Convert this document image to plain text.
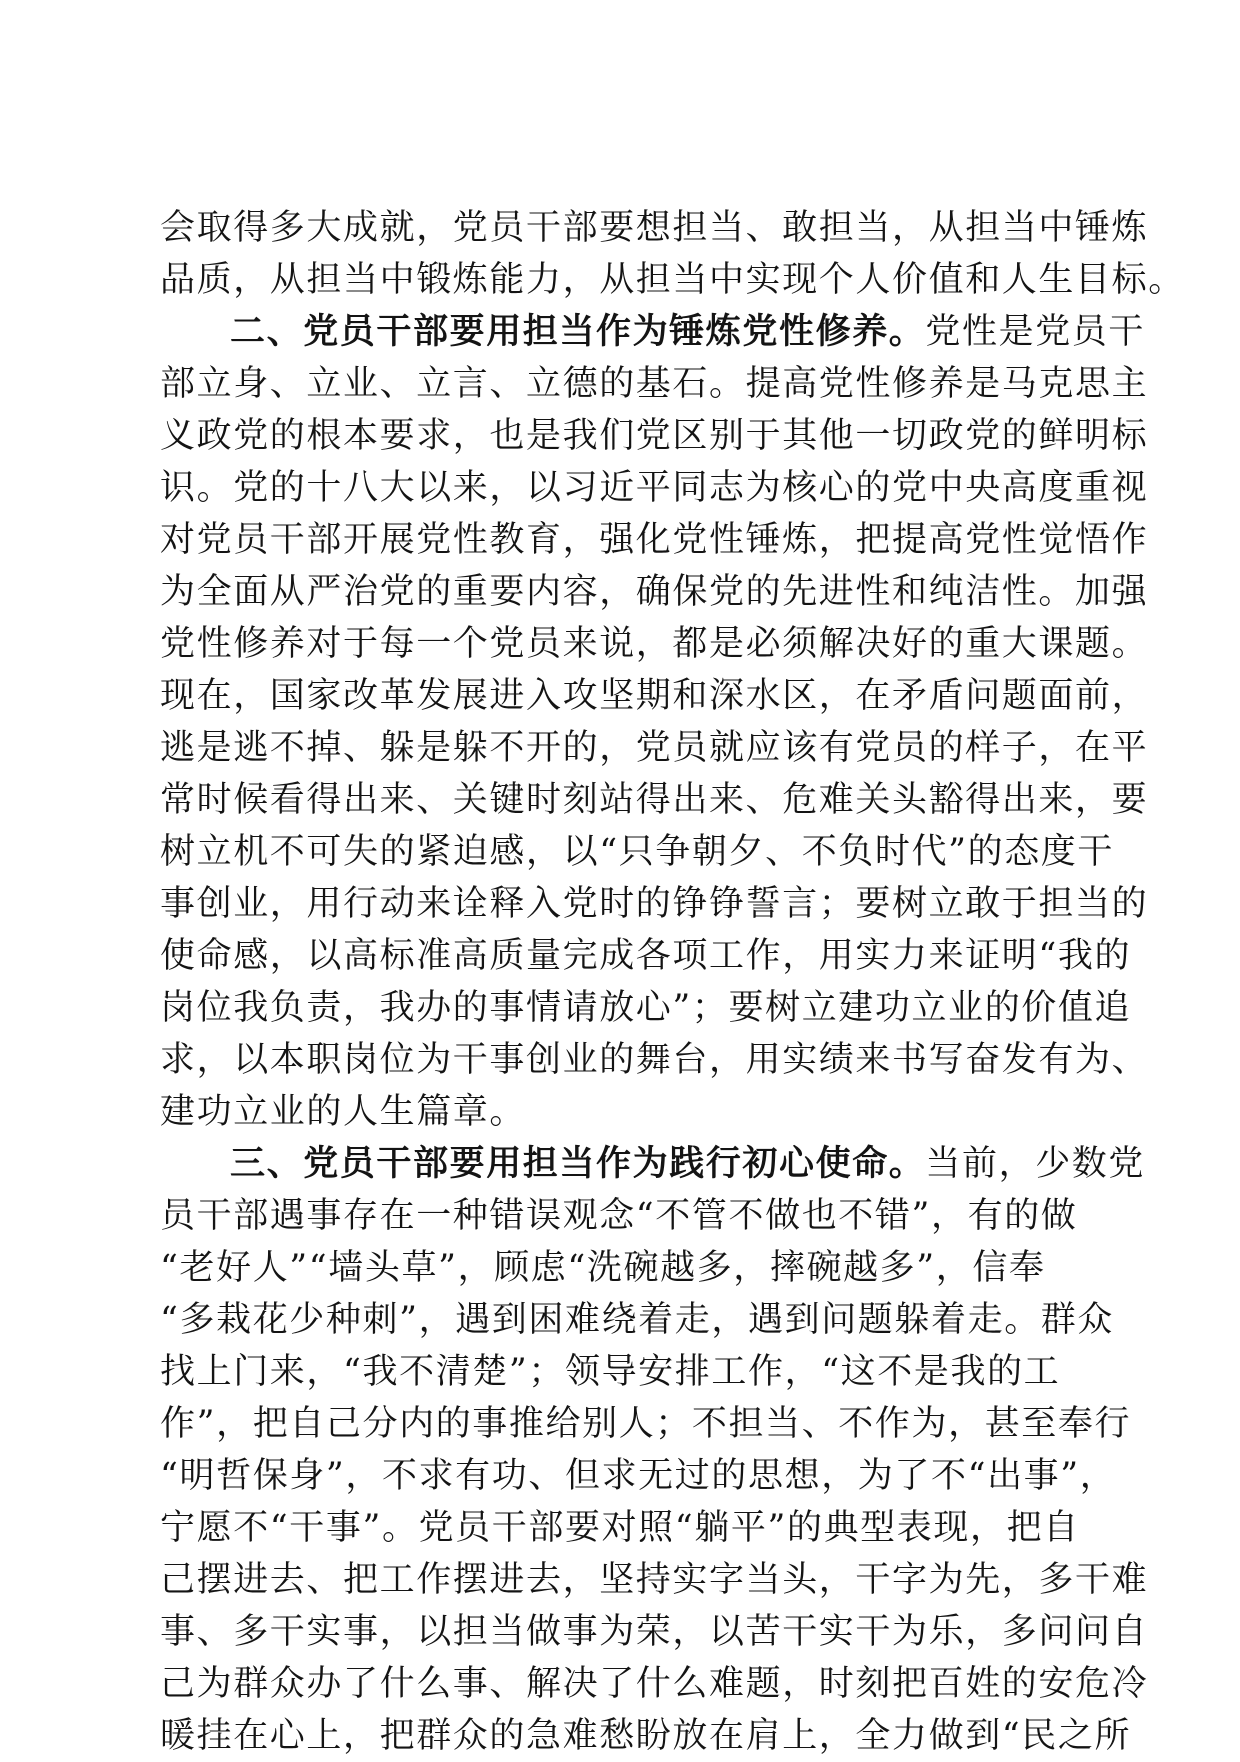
会取得多大成就，党员干部要想担当、敢担当，从担当中锤炼

品质，从担当中锻炼能力，从担当中实现个人价值和人生目标。

二、党员干部要用担当作为锤炼党性修养。党性是党员干

部立身、立业、立言、立德的基石。提高党性修养是马克思主

义政党的根本要求，也是我们党区别于其他一切政党的鲜明标

识。党的十八大以来，以习近平同志为核心的党中央高度重视

对党员干部开展党性教育，强化党性锤炼，把提高党性觉悟作

为全面从严治党的重要内容，确保党的先进性和纯洁性。加强

党性修养对于每一个党员来说，都是必须解决好的重大课题。

现在，国家改革发展进入攻坚期和深水区，在矛盾问题面前，

逃是逃不掉、躲是躲不开的，党员就应该有党员的样子，在平

常时候看得出来、关键时刻站得出来、危难关头豁得出来，要

树立机不可失的紧迫感，以“只争朝夕、不负时代”的态度干

事创业，用行动来诠释入党时的铮铮誓言；要树立敢于担当的

使命感，以高标准高质量完成各项工作，用实力来证明“我的

岗位我负责，我办的事情请放心”；要树立建功立业的价值追

求，以本职岗位为干事创业的舞台，用实绩来书写奋发有为、

建功立业的人生篇章。

三、党员干部要用担当作为践行初心使命。当前，少数党

员干部遇事存在一种错误观念“不管不做也不错”，有的做

“老好人”“墙头草”，顾虑“洗碗越多，摔碗越多”，信奉

“多栽花少种刺”，遇到困难绕着走，遇到问题躲着走。群众

找上门来，“我不清楚”；领导安排工作，“这不是我的工

作”，把自己分内的事推给别人；不担当、不作为，甚至奉行

“明哲保身”，不求有功、但求无过的思想，为了不“出事”，

宁愿不“干事”。党员干部要对照“躺平”的典型表现，把自

己摆进去、把工作摆进去，坚持实字当头，干字为先，多干难

事、多干实事，以担当做事为荣，以苦干实干为乐，多问问自

己为群众办了什么事、解决了什么难题，时刻把百姓的安危冷

暖挂在心上，把群众的急难愁盼放在肩上，全力做到“民之所
